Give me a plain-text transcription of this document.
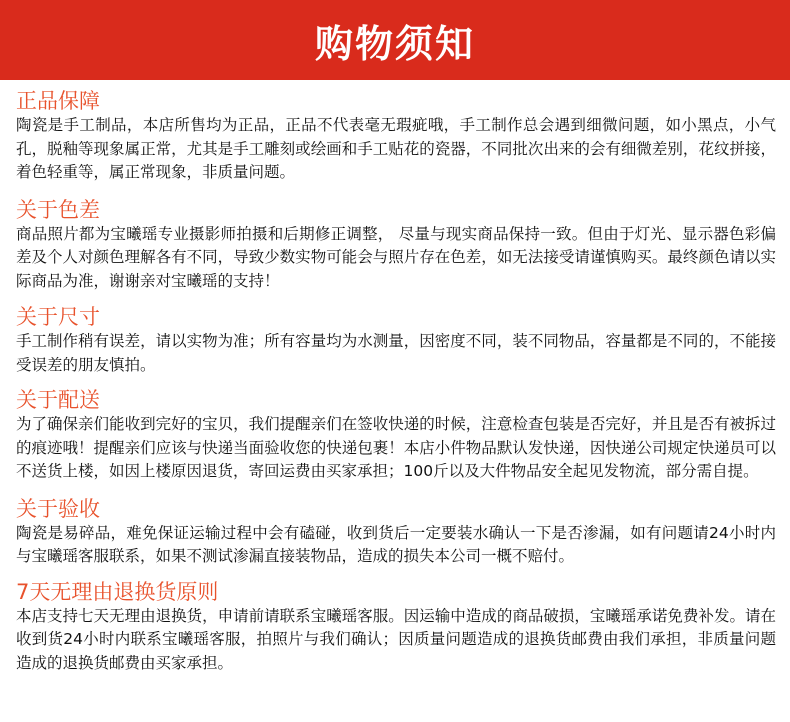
购物须知
正品保障
陶瓷是手工制品，本店所售均为正品，正品不代表毫无瑕疵哦，手工制作总会遇到细微问题，如小黑点，小气孔，脱釉等现象属正常，尤其是手工雕刻或绘画和手工贴花的瓷器，不同批次出来的会有细微差别，花纹拼接，着色轻重等，属正常现象，非质量问题。
关于色差
商品照片都为宝曦瑶专业摄影师拍摄和后期修正调整， 尽量与现实商品保持一致。但由于灯光、显示器色彩偏差及个人对颜色理解各有不同，导致少数实物可能会与照片存在色差，如无法接受请谨慎购买。最终颜色请以实际商品为准，谢谢亲对宝曦瑶的支持！
关于尺寸
手工制作稍有误差，请以实物为准；所有容量均为水测量，因密度不同，装不同物品，容量都是不同的，不能接受误差的朋友慎拍。
关于配送
为了确保亲们能收到完好的宝贝，我们提醒亲们在签收快递的时候，注意检查包装是否完好，并且是否有被拆过的痕迹哦！提醒亲们应该与快递当面验收您的快递包裹！本店小件物品默认发快递，因快递公司规定快递员可以不送货上楼，如因上楼原因退货，寄回运费由买家承担；100斤以及大件物品安全起见发物流，部分需自提。
关于验收
陶瓷是易碎品，难免保证运输过程中会有磕碰，收到货后一定要装水确认一下是否渗漏，如有问题请24小时内与宝曦瑶客服联系，如果不测试渗漏直接装物品，造成的损失本公司一概不赔付。
7天无理由退换货原则
本店支持七天无理由退换货，申请前请联系宝曦瑶客服。因运输中造成的商品破损，宝曦瑶承诺免费补发。请在收到货24小时内联系宝曦瑶客服，拍照片与我们确认；因质量问题造成的退换货邮费由我们承担，非质量问题造成的退换货邮费由买家承担。
